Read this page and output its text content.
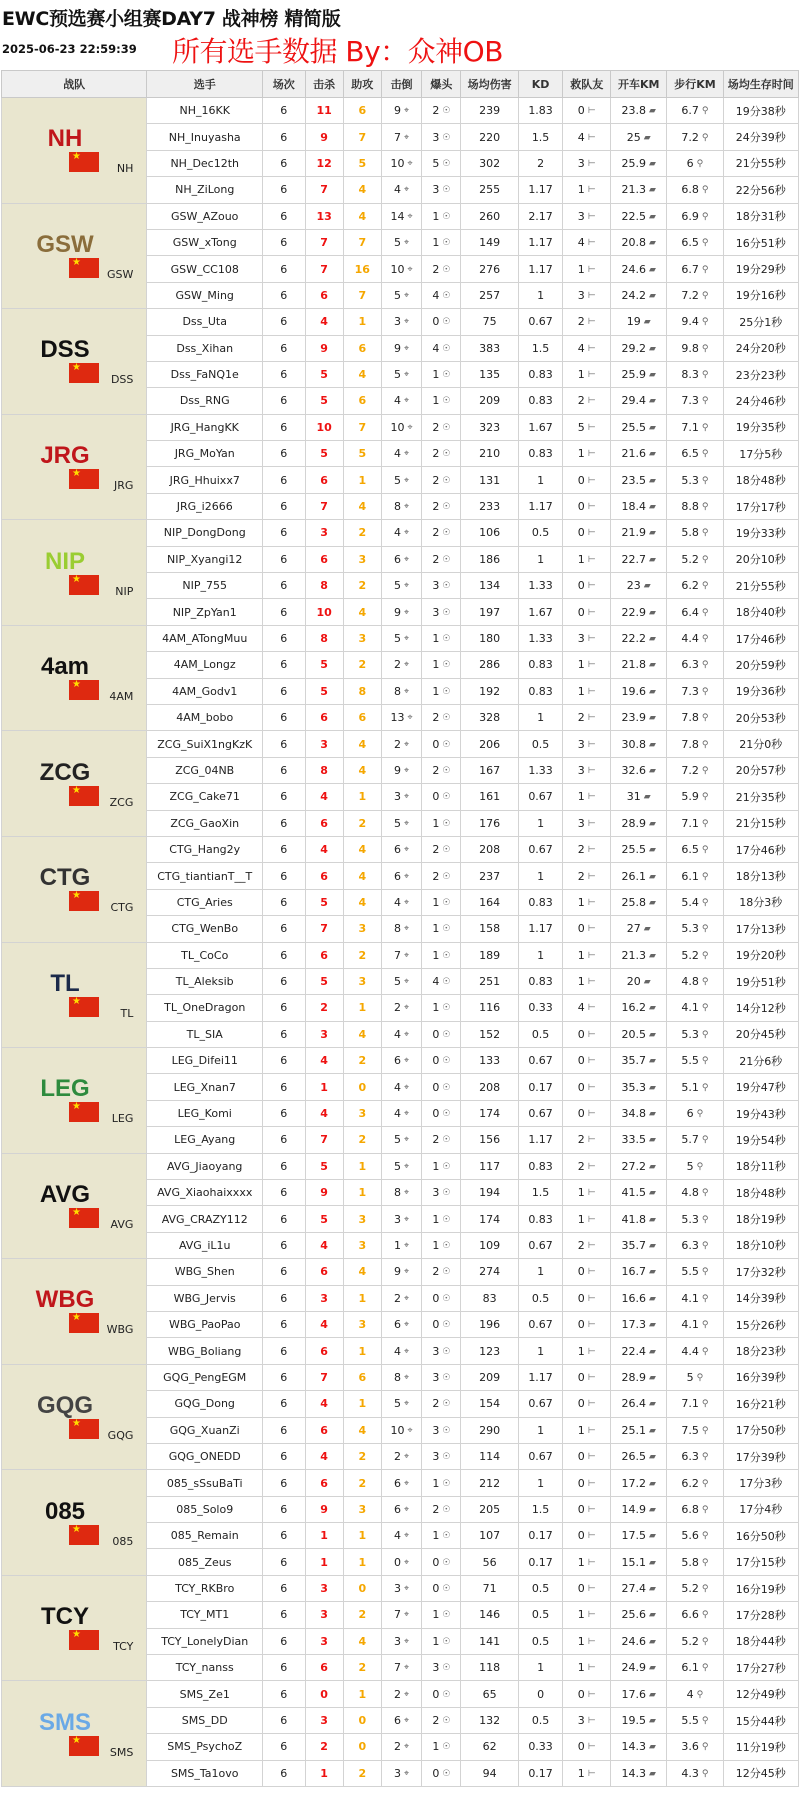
EWC预选赛小组赛DAY7 战神榜 精简版
2025-06-23 22:59:39 所有选手数据 By：众神OB
战队	选手	场次	击杀	助攻	击倒	爆头	场均伤害	KD	救队友	开车KM	步行KM	场均生存时间

NH
★
NH	NH_16KK	6	11	6	9 ⌖	2 ☉	239	1.83	0 ⊢	23.8 ▰	6.7 ⚲	19分38秒
	NH_Inuyasha	6	9	7	7 ⌖	3 ☉	220	1.5	4 ⊢	25 ▰	7.2 ⚲	24分39秒
	NH_Dec12th	6	12	5	10 ⌖	5 ☉	302	2	3 ⊢	25.9 ▰	6 ⚲	21分55秒
	NH_ZiLong	6	7	4	4 ⌖	3 ☉	255	1.17	1 ⊢	21.3 ▰	6.8 ⚲	22分56秒

GSW
★
GSW	GSW_AZouo	6	13	4	14 ⌖	1 ☉	260	2.17	3 ⊢	22.5 ▰	6.9 ⚲	18分31秒
	GSW_xTong	6	7	7	5 ⌖	1 ☉	149	1.17	4 ⊢	20.8 ▰	6.5 ⚲	16分51秒
	GSW_CC108	6	7	16	10 ⌖	2 ☉	276	1.17	1 ⊢	24.6 ▰	6.7 ⚲	19分29秒
	GSW_Ming	6	6	7	5 ⌖	4 ☉	257	1	3 ⊢	24.2 ▰	7.2 ⚲	19分16秒

DSS
★
DSS	Dss_Uta	6	4	1	3 ⌖	0 ☉	75	0.67	2 ⊢	19 ▰	9.4 ⚲	25分1秒
	Dss_Xihan	6	9	6	9 ⌖	4 ☉	383	1.5	4 ⊢	29.2 ▰	9.8 ⚲	24分20秒
	Dss_FaNQ1e	6	5	4	5 ⌖	1 ☉	135	0.83	1 ⊢	25.9 ▰	8.3 ⚲	23分23秒
	Dss_RNG	6	5	6	4 ⌖	1 ☉	209	0.83	2 ⊢	29.4 ▰	7.3 ⚲	24分46秒

JRG
★
JRG	JRG_HangKK	6	10	7	10 ⌖	2 ☉	323	1.67	5 ⊢	25.5 ▰	7.1 ⚲	19分35秒
	JRG_MoYan	6	5	5	4 ⌖	2 ☉	210	0.83	1 ⊢	21.6 ▰	6.5 ⚲	17分5秒
	JRG_Hhuixx7	6	6	1	5 ⌖	2 ☉	131	1	0 ⊢	23.5 ▰	5.3 ⚲	18分48秒
	JRG_i2666	6	7	4	8 ⌖	2 ☉	233	1.17	0 ⊢	18.4 ▰	8.8 ⚲	17分17秒

NIP
★
NIP	NIP_DongDong	6	3	2	4 ⌖	2 ☉	106	0.5	0 ⊢	21.9 ▰	5.8 ⚲	19分33秒
	NIP_Xyangi12	6	6	3	6 ⌖	2 ☉	186	1	1 ⊢	22.7 ▰	5.2 ⚲	20分10秒
	NIP_755	6	8	2	5 ⌖	3 ☉	134	1.33	0 ⊢	23 ▰	6.2 ⚲	21分55秒
	NIP_ZpYan1	6	10	4	9 ⌖	3 ☉	197	1.67	0 ⊢	22.9 ▰	6.4 ⚲	18分40秒

4am
★
4AM	4AM_ATongMuu	6	8	3	5 ⌖	1 ☉	180	1.33	3 ⊢	22.2 ▰	4.4 ⚲	17分46秒
	4AM_Longz	6	5	2	2 ⌖	1 ☉	286	0.83	1 ⊢	21.8 ▰	6.3 ⚲	20分59秒
	4AM_Godv1	6	5	8	8 ⌖	1 ☉	192	0.83	1 ⊢	19.6 ▰	7.3 ⚲	19分36秒
	4AM_bobo	6	6	6	13 ⌖	2 ☉	328	1	2 ⊢	23.9 ▰	7.8 ⚲	20分53秒

ZCG
★
ZCG	ZCG_SuiX1ngKzK	6	3	4	2 ⌖	0 ☉	206	0.5	3 ⊢	30.8 ▰	7.8 ⚲	21分0秒
	ZCG_04NB	6	8	4	9 ⌖	2 ☉	167	1.33	3 ⊢	32.6 ▰	7.2 ⚲	20分57秒
	ZCG_Cake71	6	4	1	3 ⌖	0 ☉	161	0.67	1 ⊢	31 ▰	5.9 ⚲	21分35秒
	ZCG_GaoXin	6	6	2	5 ⌖	1 ☉	176	1	3 ⊢	28.9 ▰	7.1 ⚲	21分15秒

CTG
★
CTG	CTG_Hang2y	6	4	4	6 ⌖	2 ☉	208	0.67	2 ⊢	25.5 ▰	6.5 ⚲	17分46秒
	CTG_tiantianT__T	6	6	4	6 ⌖	2 ☉	237	1	2 ⊢	26.1 ▰	6.1 ⚲	18分13秒
	CTG_Aries	6	5	4	4 ⌖	1 ☉	164	0.83	1 ⊢	25.8 ▰	5.4 ⚲	18分3秒
	CTG_WenBo	6	7	3	8 ⌖	1 ☉	158	1.17	0 ⊢	27 ▰	5.3 ⚲	17分13秒

TL
★
TL	TL_CoCo	6	6	2	7 ⌖	1 ☉	189	1	1 ⊢	21.3 ▰	5.2 ⚲	19分20秒
	TL_Aleksib	6	5	3	5 ⌖	4 ☉	251	0.83	1 ⊢	20 ▰	4.8 ⚲	19分51秒
	TL_OneDragon	6	2	1	2 ⌖	1 ☉	116	0.33	4 ⊢	16.2 ▰	4.1 ⚲	14分12秒
	TL_SIA	6	3	4	4 ⌖	0 ☉	152	0.5	0 ⊢	20.5 ▰	5.3 ⚲	20分45秒

LEG
★
LEG	LEG_Difei11	6	4	2	6 ⌖	0 ☉	133	0.67	0 ⊢	35.7 ▰	5.5 ⚲	21分6秒
	LEG_Xnan7	6	1	0	4 ⌖	0 ☉	208	0.17	0 ⊢	35.3 ▰	5.1 ⚲	19分47秒
	LEG_Komi	6	4	3	4 ⌖	0 ☉	174	0.67	0 ⊢	34.8 ▰	6 ⚲	19分43秒
	LEG_Ayang	6	7	2	5 ⌖	2 ☉	156	1.17	2 ⊢	33.5 ▰	5.7 ⚲	19分54秒

AVG
★
AVG	AVG_Jiaoyang	6	5	1	5 ⌖	1 ☉	117	0.83	2 ⊢	27.2 ▰	5 ⚲	18分11秒
	AVG_Xiaohaixxxx	6	9	1	8 ⌖	3 ☉	194	1.5	1 ⊢	41.5 ▰	4.8 ⚲	18分48秒
	AVG_CRAZY112	6	5	3	3 ⌖	1 ☉	174	0.83	1 ⊢	41.8 ▰	5.3 ⚲	18分19秒
	AVG_iL1u	6	4	3	1 ⌖	1 ☉	109	0.67	2 ⊢	35.7 ▰	6.3 ⚲	18分10秒

WBG
★
WBG	WBG_Shen	6	6	4	9 ⌖	2 ☉	274	1	0 ⊢	16.7 ▰	5.5 ⚲	17分32秒
	WBG_Jervis	6	3	1	2 ⌖	0 ☉	83	0.5	0 ⊢	16.6 ▰	4.1 ⚲	14分39秒
	WBG_PaoPao	6	4	3	6 ⌖	0 ☉	196	0.67	0 ⊢	17.3 ▰	4.1 ⚲	15分26秒
	WBG_Boliang	6	6	1	4 ⌖	3 ☉	123	1	1 ⊢	22.4 ▰	4.4 ⚲	18分23秒

GQG
★
GQG	GQG_PengEGM	6	7	6	8 ⌖	3 ☉	209	1.17	0 ⊢	28.9 ▰	5 ⚲	16分39秒
	GQG_Dong	6	4	1	5 ⌖	2 ☉	154	0.67	0 ⊢	26.4 ▰	7.1 ⚲	16分21秒
	GQG_XuanZi	6	6	4	10 ⌖	3 ☉	290	1	1 ⊢	25.1 ▰	7.5 ⚲	17分50秒
	GQG_ONEDD	6	4	2	2 ⌖	3 ☉	114	0.67	0 ⊢	26.5 ▰	6.3 ⚲	17分39秒

085
★
085	085_sSsuBaTi	6	6	2	6 ⌖	1 ☉	212	1	0 ⊢	17.2 ▰	6.2 ⚲	17分3秒
	085_Solo9	6	9	3	6 ⌖	2 ☉	205	1.5	0 ⊢	14.9 ▰	6.8 ⚲	17分4秒
	085_Remain	6	1	1	4 ⌖	1 ☉	107	0.17	0 ⊢	17.5 ▰	5.6 ⚲	16分50秒
	085_Zeus	6	1	1	0 ⌖	0 ☉	56	0.17	1 ⊢	15.1 ▰	5.8 ⚲	17分15秒

TCY
★
TCY	TCY_RKBro	6	3	0	3 ⌖	0 ☉	71	0.5	0 ⊢	27.4 ▰	5.2 ⚲	16分19秒
	TCY_MT1	6	3	2	7 ⌖	1 ☉	146	0.5	1 ⊢	25.6 ▰	6.6 ⚲	17分28秒
	TCY_LonelyDian	6	3	4	3 ⌖	1 ☉	141	0.5	1 ⊢	24.6 ▰	5.2 ⚲	18分44秒
	TCY_nanss	6	6	2	7 ⌖	3 ☉	118	1	1 ⊢	24.9 ▰	6.1 ⚲	17分27秒

SMS
★
SMS	SMS_Ze1	6	0	1	2 ⌖	0 ☉	65	0	0 ⊢	17.6 ▰	4 ⚲	12分49秒
	SMS_DD	6	3	0	6 ⌖	2 ☉	132	0.5	3 ⊢	19.5 ▰	5.5 ⚲	15分44秒
	SMS_PsychoZ	6	2	0	2 ⌖	1 ☉	62	0.33	0 ⊢	14.3 ▰	3.6 ⚲	11分19秒
	SMS_Ta1ovo	6	1	2	3 ⌖	0 ☉	94	0.17	1 ⊢	14.3 ▰	4.3 ⚲	12分45秒
